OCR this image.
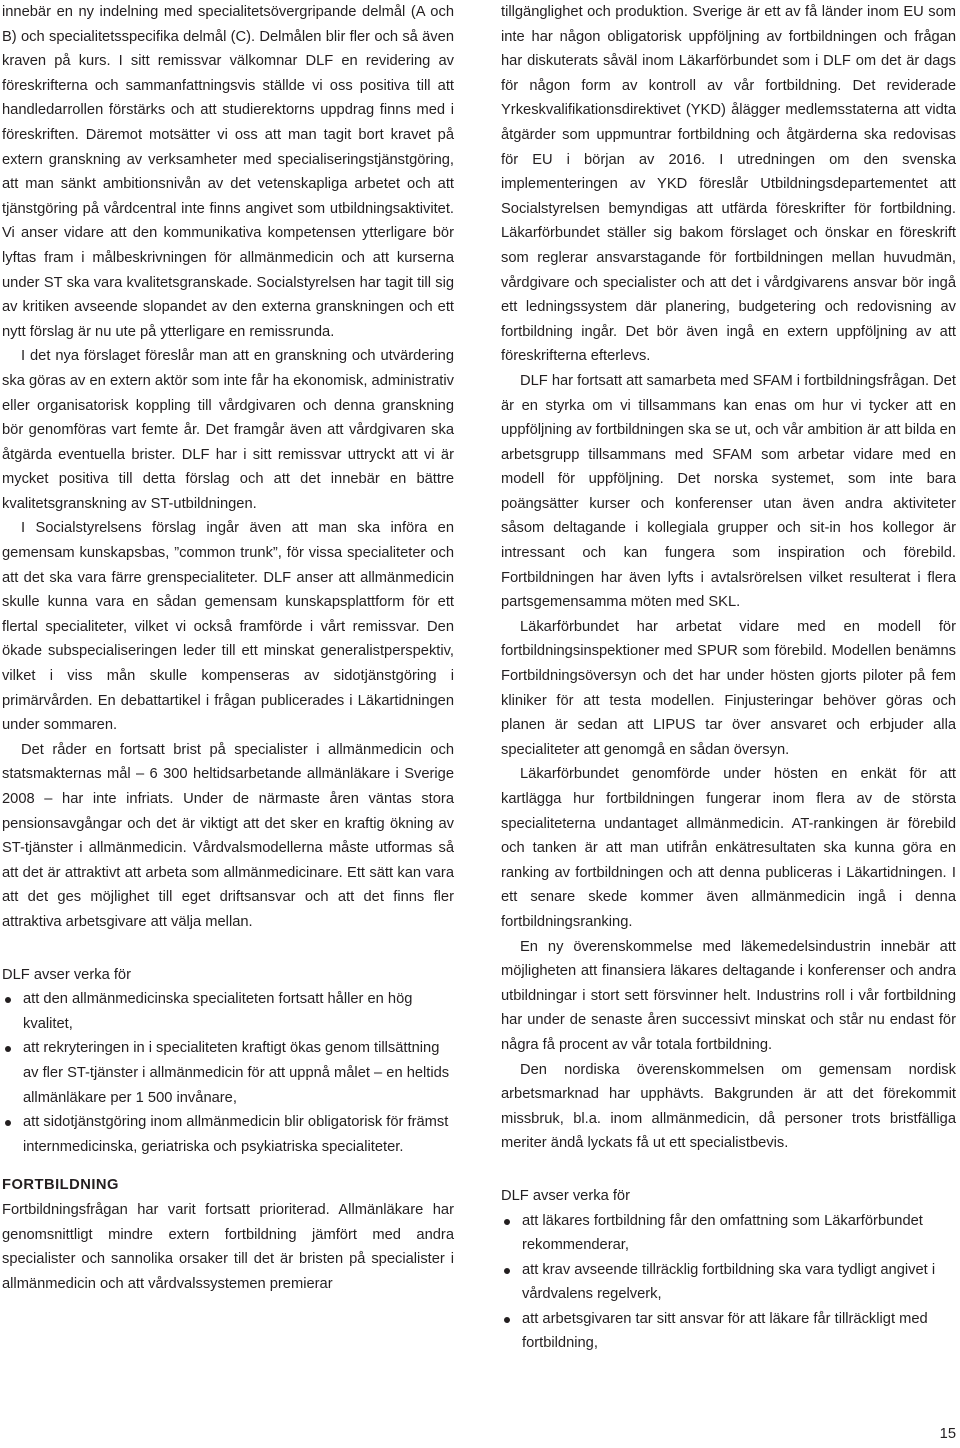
innebär en ny indelning med specialitetsövergripande delmål (A och B) och specialitetsspecifika delmål (C). Delmålen blir fler och så även kraven på kurs. I sitt remissvar välkomnar DLF en revidering av föreskrifterna och sammanfattningsvis ställde vi oss positiva till att handledarrollen förstärks och att studierektorns uppdrag finns med i föreskriften. Däremot motsätter vi oss att man tagit bort kravet på extern granskning av verksamheter med specialiseringstjänstgöring, att man sänkt ambitionsnivån av det vetenskapliga arbetet och att tjänstgöring på vårdcentral inte finns angivet som utbildningsaktivitet. Vi anser vidare att den kommunikativa kompetensen ytterligare bör lyftas fram i målbeskrivningen för allmänmedicin och att kurserna under ST ska vara kvalitetsgranskade. Socialstyrelsen har tagit till sig av kritiken avseende slopandet av den externa granskningen och ett nytt förslag är nu ute på ytterligare en remissrunda.

I det nya förslaget föreslår man att en granskning och utvärdering ska göras av en extern aktör som inte får ha ekonomisk, administrativ eller organisatorisk koppling till vårdgivaren och denna granskning bör genomföras vart femte år. Det framgår även att vårdgivaren ska åtgärda eventuella brister. DLF har i sitt remissvar uttryckt att vi är mycket positiva till detta förslag och att det innebär en bättre kvalitetsgranskning av ST-utbildningen.

I Socialstyrelsens förslag ingår även att man ska införa en gemensam kunskapsbas, ”common trunk”, för vissa specialiteter och att det ska vara färre grenspecialiteter. DLF anser att allmänmedicin skulle kunna vara en sådan gemensam kunskapsplattform för ett flertal specialiteter, vilket vi också framförde i vårt remissvar. Den ökade subspecialiseringen leder till ett minskat generalistperspektiv, vilket i viss mån skulle kompenseras av sidotjänstgöring i primärvården. En debattartikel i frågan publicerades i Läkartidningen under sommaren.

Det råder en fortsatt brist på specialister i allmänmedicin och statsmakternas mål – 6 300 heltidsarbetande allmänläkare i Sverige 2008 – har inte infriats. Under de närmaste åren väntas stora pensionsavgångar och det är viktigt att det sker en kraftig ökning av ST-tjänster i allmänmedicin. Vårdvalsmodellerna måste utformas så att det är attraktivt att arbeta som allmänmedicinare. Ett sätt kan vara att det ges möjlighet till eget driftsansvar och att det finns fler attraktiva arbetsgivare att välja mellan.

DLF avser verka för

att den allmänmedicinska specialiteten fortsatt håller en hög kvalitet,
att rekryteringen in i specialiteten kraftigt ökas genom tillsättning av fler ST-tjänster i allmänmedicin för att uppnå målet – en heltids allmänläkare per 1 500 invånare,
att sidotjänstgöring inom allmänmedicin blir obligatorisk för främst internmedicinska, geriatriska och psykiatriska specialiteter.
FORTBILDNING

Fortbildningsfrågan har varit fortsatt prioriterad. Allmänläkare har genomsnittligt mindre extern fortbildning jämfört med andra specialister och sannolika orsaker till det är bristen på specialister i allmänmedicin och att vårdvalssystemen premierar

tillgänglighet och produktion. Sverige är ett av få länder inom EU som inte har någon obligatorisk uppföljning av fortbildningen och frågan har diskuterats såväl inom Läkarförbundet som i DLF om det är dags för någon form av kontroll av vår fortbildning. Det reviderade Yrkeskvalifikationsdirektivet (YKD) ålägger medlemsstaterna att vidta åtgärder som uppmuntrar fortbildning och åtgärderna ska redovisas för EU i början av 2016. I utredningen om den svenska implementeringen av YKD föreslår Utbildningsdepartementet att Socialstyrelsen bemyndigas att utfärda föreskrifter för fortbildning. Läkarförbundet ställer sig bakom förslaget och önskar en föreskrift som reglerar ansvarstagande för fortbildningen mellan huvudmän, vårdgivare och specialister och att det i vårdgivarens ansvar bör ingå ett ledningssystem där planering, budgetering och redovisning av fortbildning ingår. Det bör även ingå en extern uppföljning av att föreskrifterna efterlevs.

DLF har fortsatt att samarbeta med SFAM i fortbildningsfrågan. Det är en styrka om vi tillsammans kan enas om hur vi tycker att en uppföljning av fortbildningen ska se ut, och vår ambition är att bilda en arbetsgrupp tillsammans med SFAM som arbetar vidare med en modell för uppföljning. Det norska systemet, som inte bara poängsätter kurser och konferenser utan även andra aktiviteter såsom deltagande i kollegiala grupper och sit-in hos kollegor är intressant och kan fungera som inspiration och förebild. Fortbildningen har även lyfts i avtalsrörelsen vilket resulterat i flera partsgemensamma möten med SKL.

Läkarförbundet har arbetat vidare med en modell för fortbildningsinspektioner med SPUR som förebild. Modellen benämns Fortbildningsöversyn och det har under hösten gjorts piloter på fem kliniker för att testa modellen. Finjusteringar behöver göras och planen är sedan att LIPUS tar över ansvaret och erbjuder alla specialiteter att genomgå en sådan översyn.

Läkarförbundet genomförde under hösten en enkät för att kartlägga hur fortbildningen fungerar inom flera av de största specialiteterna undantaget allmänmedicin. AT-rankingen är förebild och tanken är att man utifrån enkätresultaten ska kunna göra en ranking av fortbildningen och att denna publiceras i Läkartidningen. I ett senare skede kommer även allmänmedicin ingå i denna fortbildningsranking.

En ny överenskommelse med läkemedelsindustrin innebär att möjligheten att finansiera läkares deltagande i konferenser och andra utbildningar i stort sett försvinner helt. Industrins roll i vår fortbildning har under de senaste åren successivt minskat och står nu endast för några få procent av vår totala fortbildning.

Den nordiska överenskommelsen om gemensam nordisk arbetsmarknad har upphävts. Bakgrunden är att det förekommit missbruk, bl.a. inom allmänmedicin, då personer trots bristfälliga meriter ändå lyckats få ut ett specialistbevis.

DLF avser verka för

att läkares fortbildning får den omfattning som Läkarförbundet rekommenderar,
att krav avseende tillräcklig fortbildning ska vara tydligt angivet i vårdvalens regelverk,
att arbetsgivaren tar sitt ansvar för att läkare får tillräckligt med fortbildning,
15
